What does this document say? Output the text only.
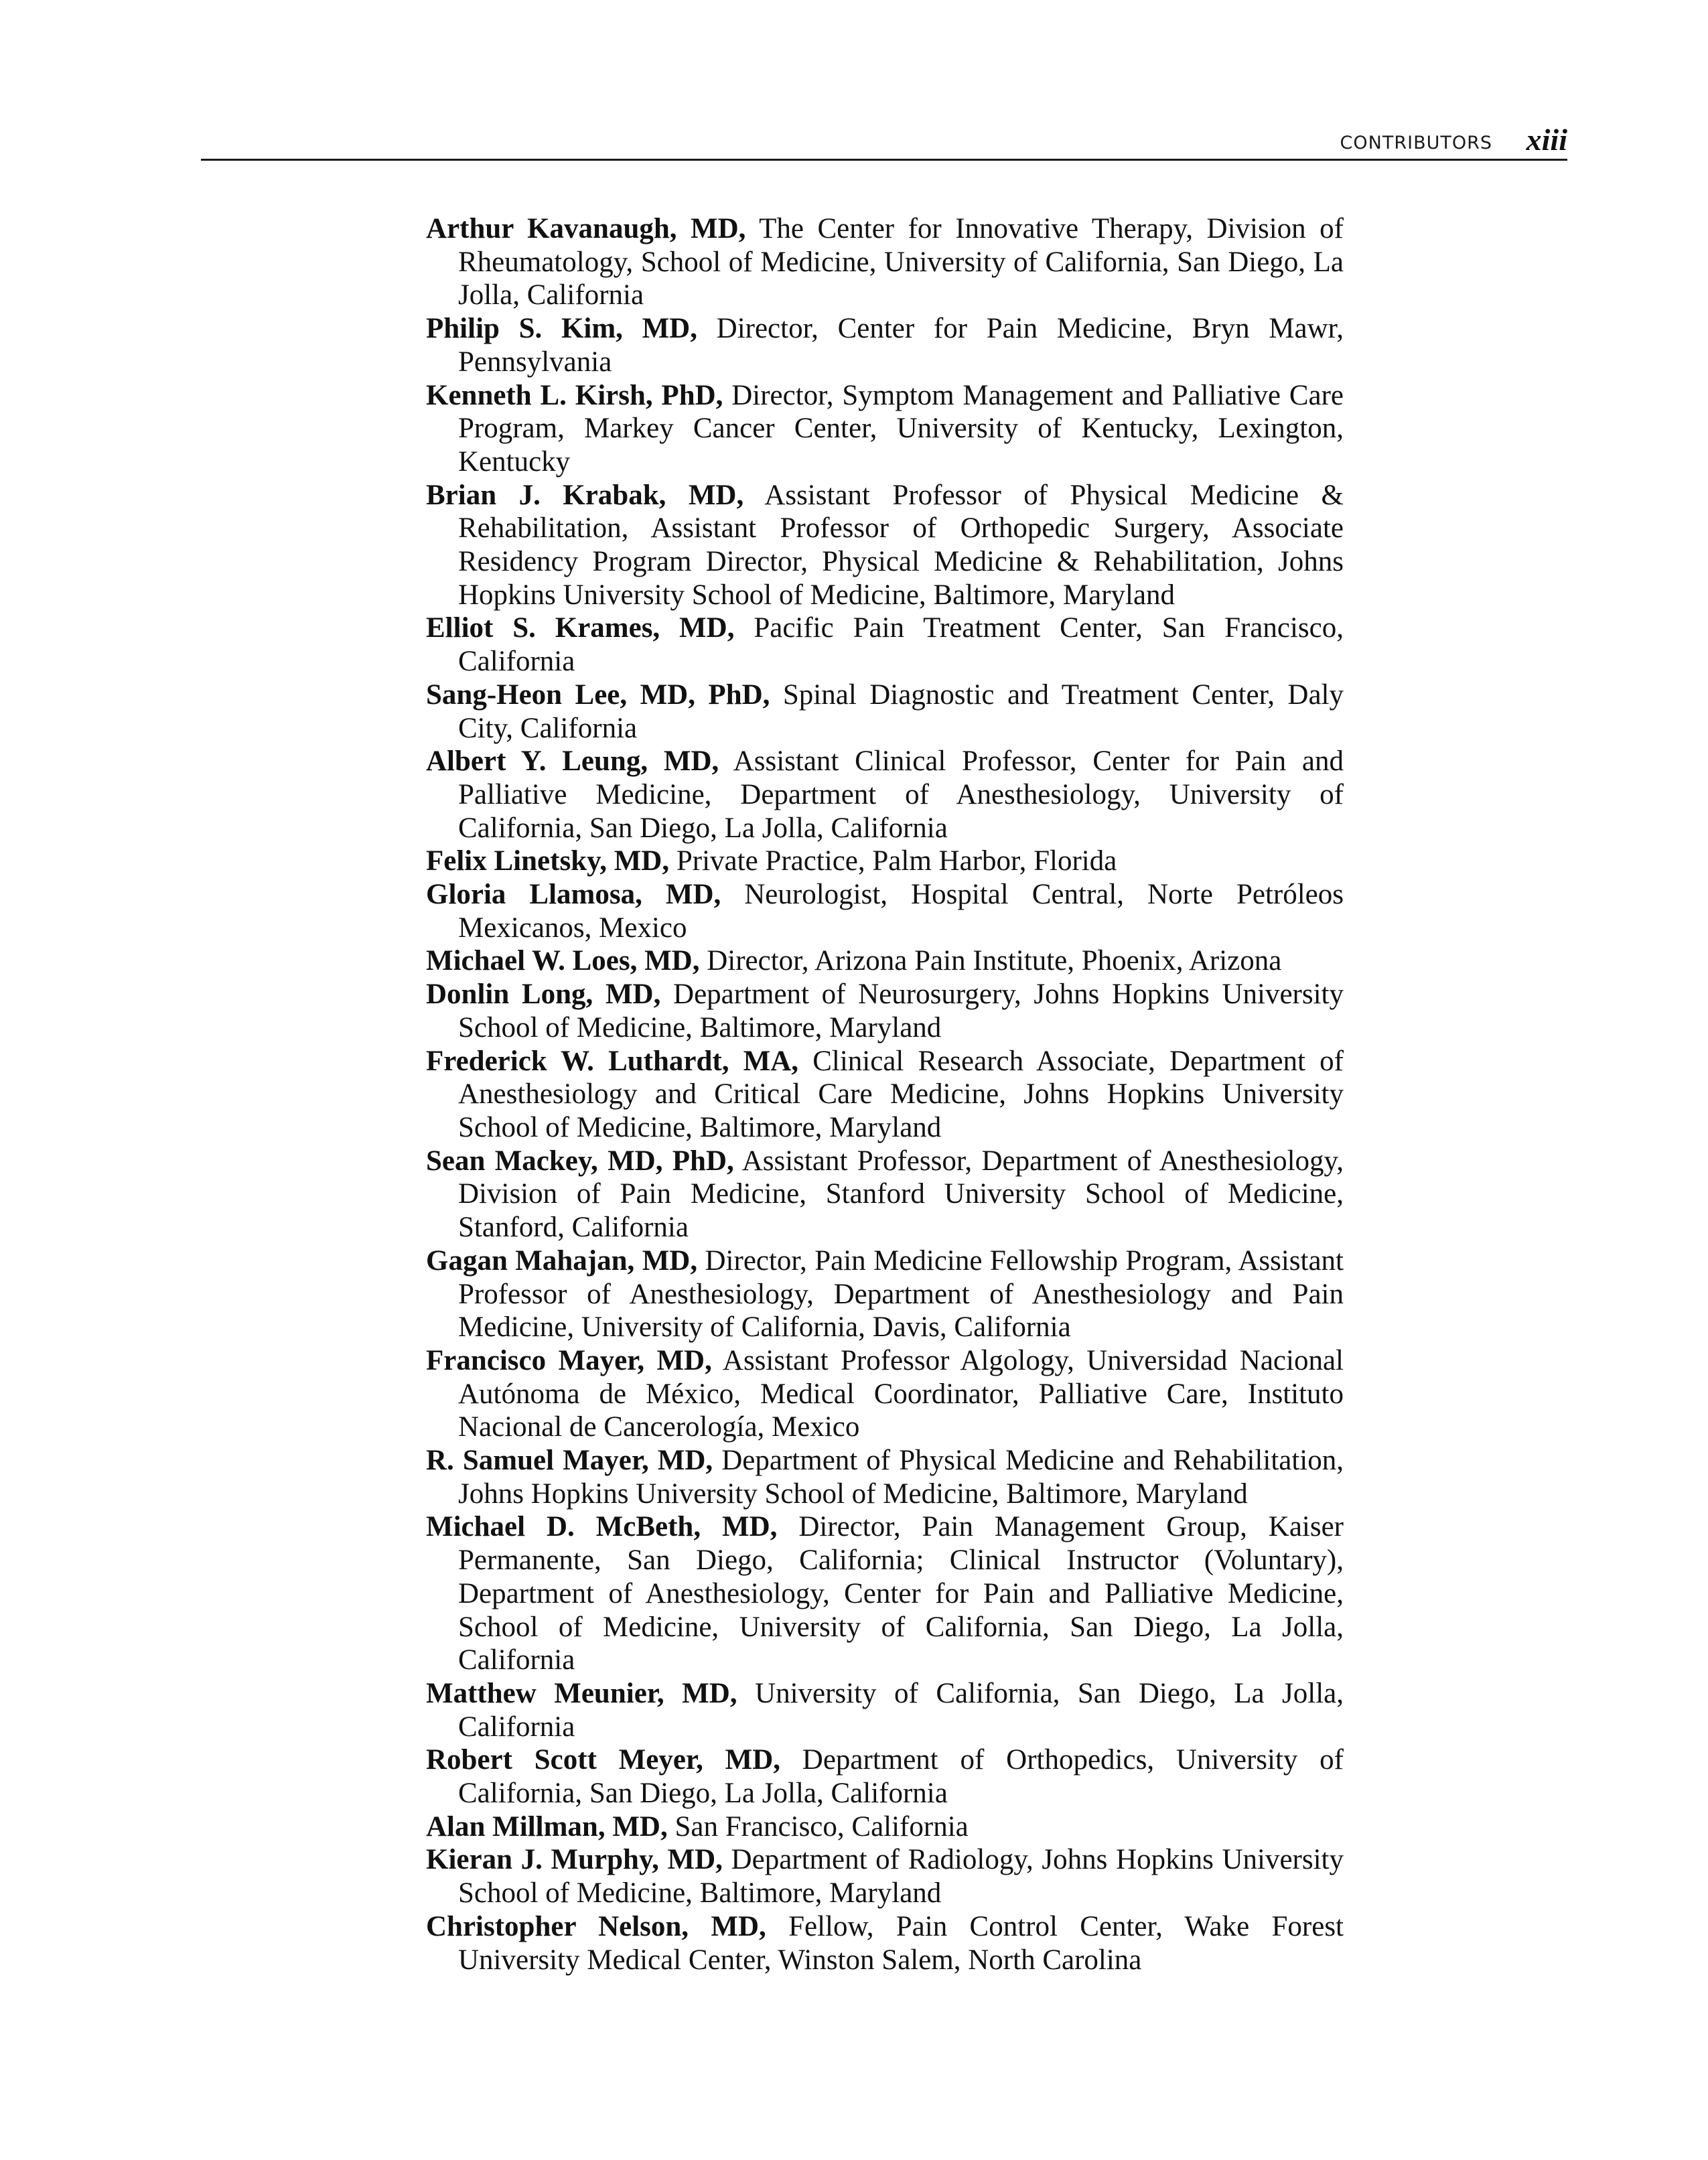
CONTRIBUTORS xiii

Arthur Kavanaugh, MD, The Center for Innovative Therapy, Division of Rheumatology, School of Medicine, University of California, San Diego, La Jolla, California

Philip S. Kim, MD, Director, Center for Pain Medicine, Bryn Mawr, Pennsylvania

Kenneth L. Kirsh, PhD, Director, Symptom Management and Palliative Care Program, Markey Cancer Center, University of Kentucky, Lexington, Kentucky

Brian J. Krabak, MD, Assistant Professor of Physical Medicine & Rehabilitation, Assistant Professor of Orthopedic Surgery, Associate Residency Program Director, Physical Medicine & Rehabilitation, Johns Hopkins University School of Medicine, Baltimore, Maryland

Elliot S. Krames, MD, Pacific Pain Treatment Center, San Francisco, California

Sang-Heon Lee, MD, PhD, Spinal Diagnostic and Treatment Center, Daly City, California

Albert Y. Leung, MD, Assistant Clinical Professor, Center for Pain and Palliative Medicine, Department of Anesthesiology, University of California, San Diego, La Jolla, California

Felix Linetsky, MD, Private Practice, Palm Harbor, Florida

Gloria Llamosa, MD, Neurologist, Hospital Central, Norte Petróleos Mexicanos, Mexico

Michael W. Loes, MD, Director, Arizona Pain Institute, Phoenix, Arizona

Donlin Long, MD, Department of Neurosurgery, Johns Hopkins University School of Medicine, Baltimore, Maryland

Frederick W. Luthardt, MA, Clinical Research Associate, Department of Anesthesiology and Critical Care Medicine, Johns Hopkins University School of Medicine, Baltimore, Maryland

Sean Mackey, MD, PhD, Assistant Professor, Department of Anesthesiology, Division of Pain Medicine, Stanford University School of Medicine, Stanford, California

Gagan Mahajan, MD, Director, Pain Medicine Fellowship Program, Assistant Professor of Anesthesiology, Department of Anesthesiology and Pain Medicine, University of California, Davis, California

Francisco Mayer, MD, Assistant Professor Algology, Universidad Nacional Autónoma de México, Medical Coordinator, Palliative Care, Instituto Nacional de Cancerología, Mexico

R. Samuel Mayer, MD, Department of Physical Medicine and Rehabilitation, Johns Hopkins University School of Medicine, Baltimore, Maryland

Michael D. McBeth, MD, Director, Pain Management Group, Kaiser Permanente, San Diego, California; Clinical Instructor (Voluntary), Department of Anesthesiology, Center for Pain and Palliative Medicine, School of Medicine, University of California, San Diego, La Jolla, California

Matthew Meunier, MD, University of California, San Diego, La Jolla, California

Robert Scott Meyer, MD, Department of Orthopedics, University of California, San Diego, La Jolla, California

Alan Millman, MD, San Francisco, California

Kieran J. Murphy, MD, Department of Radiology, Johns Hopkins University School of Medicine, Baltimore, Maryland

Christopher Nelson, MD, Fellow, Pain Control Center, Wake Forest University Medical Center, Winston Salem, North Carolina
